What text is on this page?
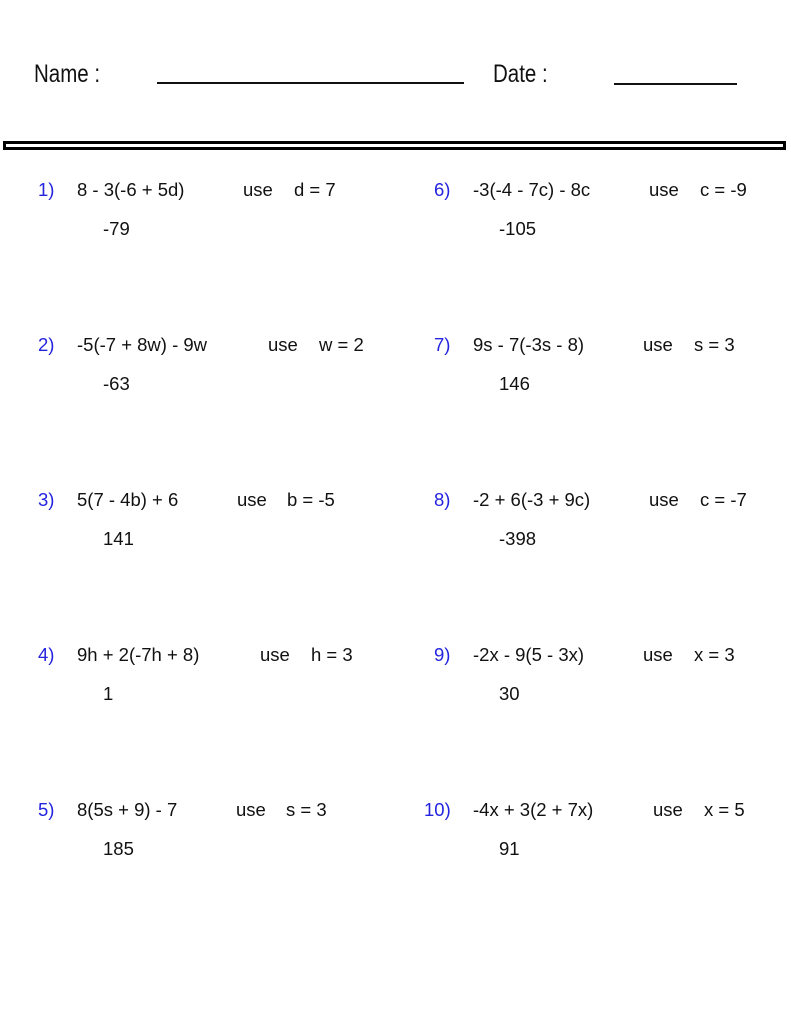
Name :	Date :
1) 8 - 3(-6 + 5d)	use d = 7
-79
2) -5(-7 + 8w) - 9w	use w = 2
-63
3) 5(7 - 4b) + 6	use b = -5
141
4) 9h + 2(-7h + 8)	use h = 3
1
5) 8(5s + 9) - 7	use s = 3
185
6) -3(-4 - 7c) - 8c	use c = -9
-105
7) 9s - 7(-3s - 8)	use s = 3
146
8) -2 + 6(-3 + 9c)	use c = -7
-398
9) -2x - 9(5 - 3x)	use x = 3
30
10) -4x + 3(2 + 7x)	use x = 5
91
